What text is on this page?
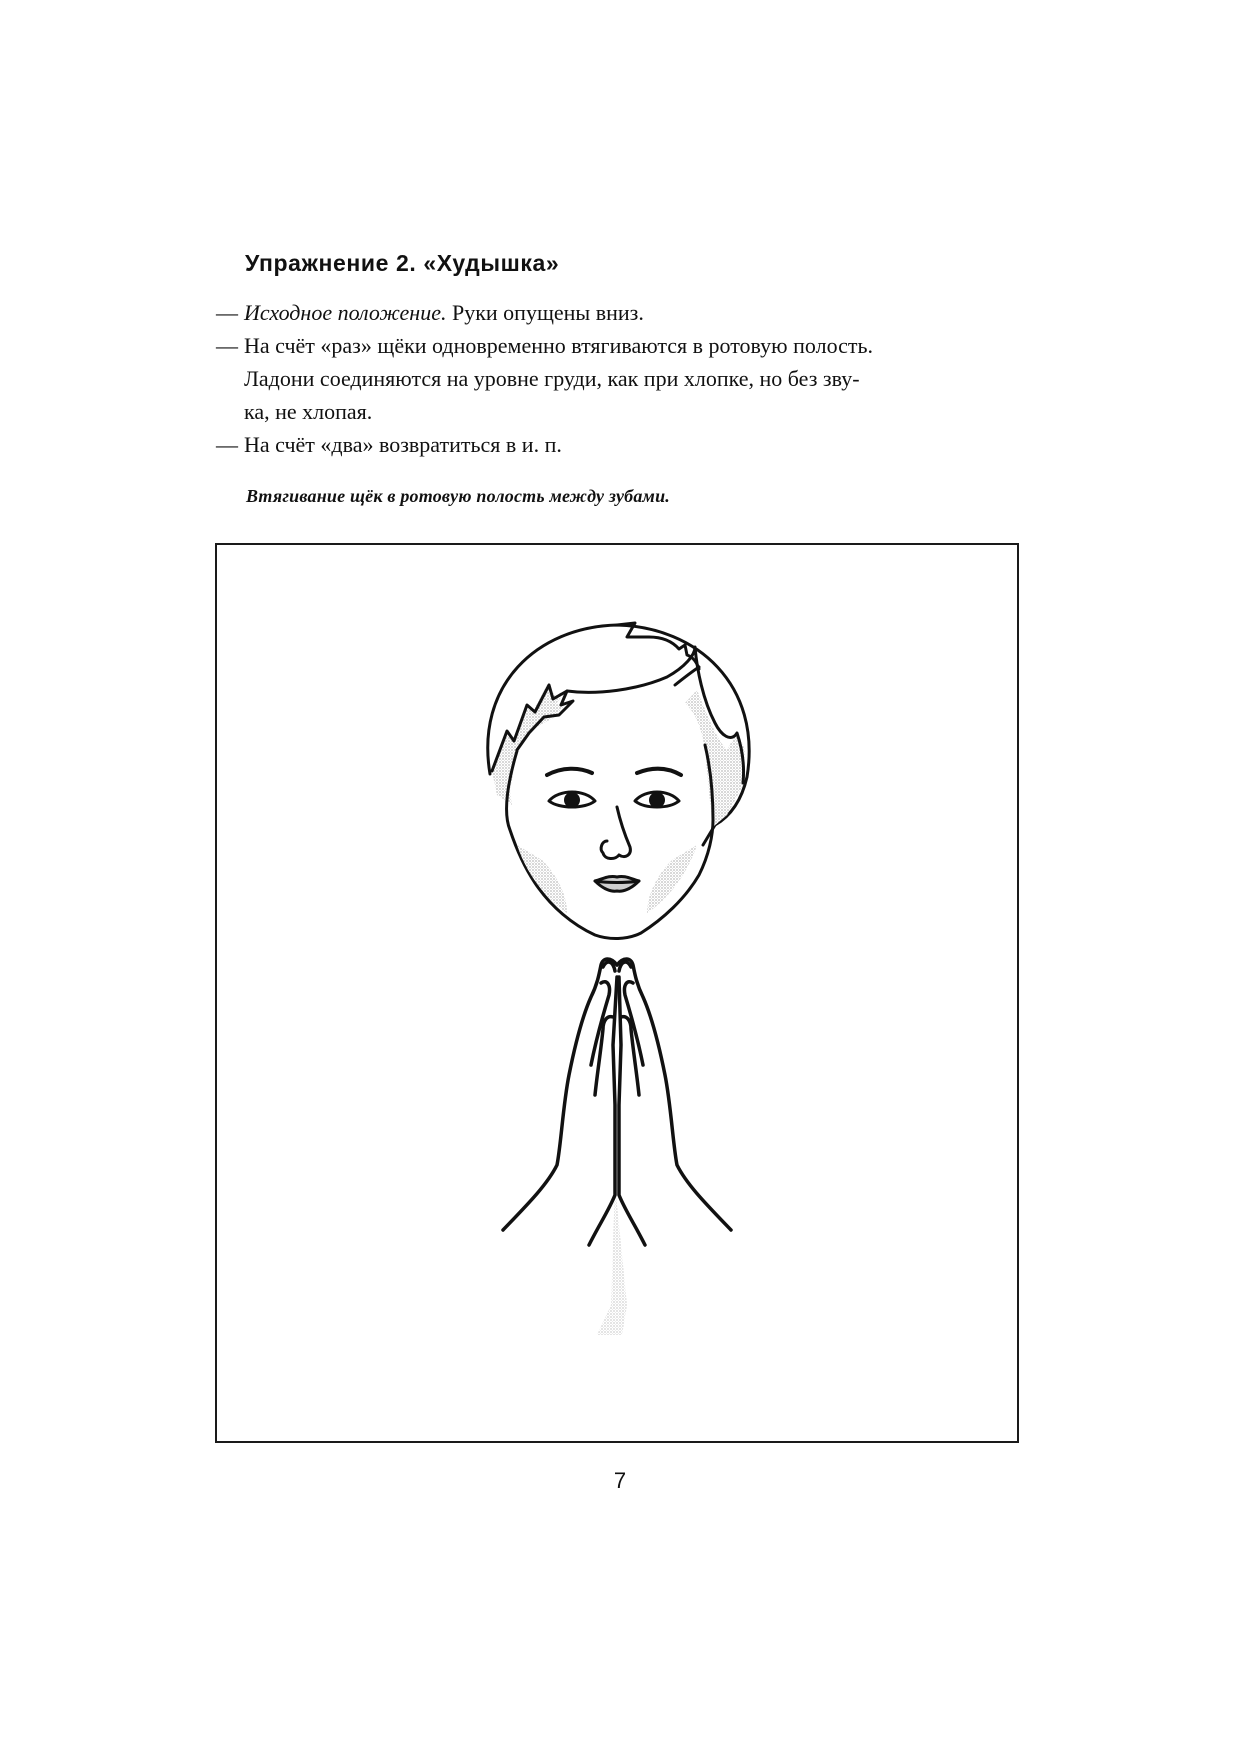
Упражнение 2. «Худышка»
— Исходное положение. Руки опущены вниз.
— На счёт «раз» щёки одновременно втягиваются в ротовую полость.
Ладони соединяются на уровне груди, как при хлопке, но без зву-
ка, не хлопая.
— На счёт «два» возвратиться в и. п.
Втягивание щёк в ротовую полость между зубами.
7
